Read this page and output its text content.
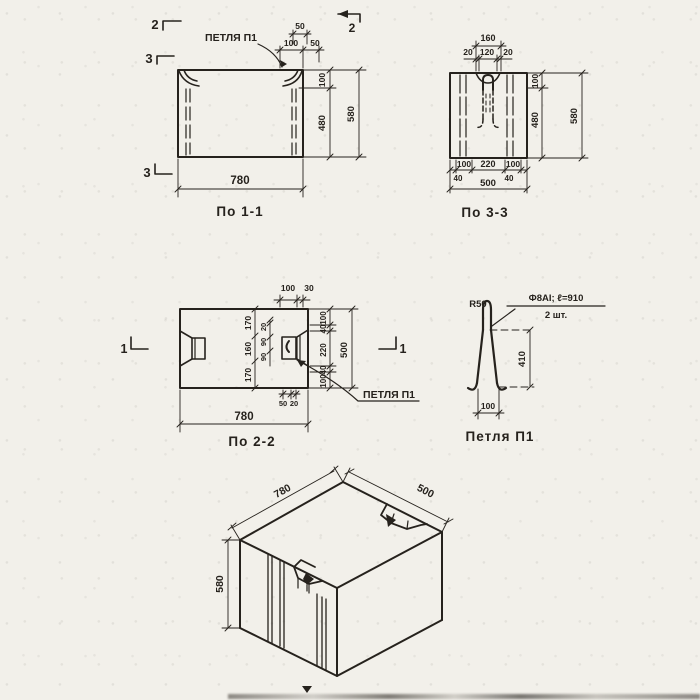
2
3
3
2
50
100 50
ПЕТЛЯ П1
100
480
580
780
По 1-1
160
20 120 20
100
480	580
100 220 100
40	40
500
По 3-3
1	1
100 30
170
160
170
20
90
90
100
40
220
40
100
500
50 20
ПЕТЛЯ П1
780
По 2-2
R50
Ф8АI; ℓ=910
2 шт.
410
100
Петля П1
780	500
580
